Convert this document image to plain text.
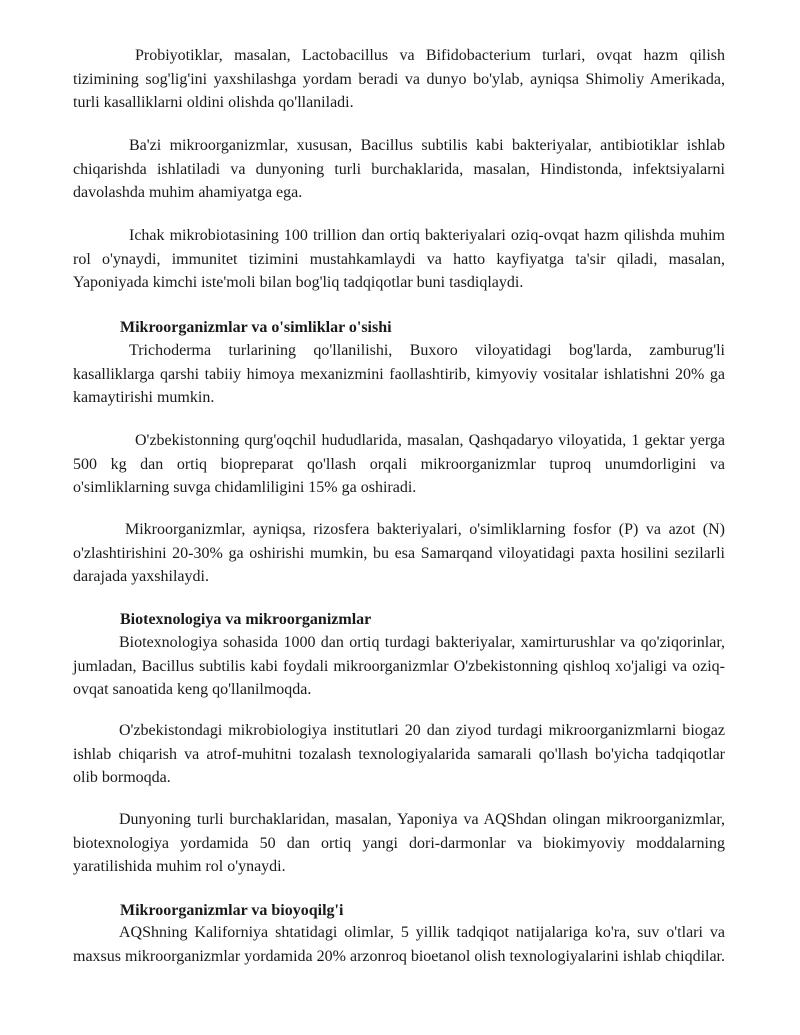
Probiyotiklar, masalan, Lactobacillus va Bifidobacterium turlari, ovqat hazm qilish tizimining sog'lig'ini yaxshilashga yordam beradi va dunyo bo'ylab, ayniqsa Shimoliy Amerikada, turli kasalliklarni oldini olishda qo'llaniladi.

Ba'zi mikroorganizmlar, xususan, Bacillus subtilis kabi bakteriyalar, antibiotiklar ishlab chiqarishda ishlatiladi va dunyoning turli burchaklarida, masalan, Hindistonda, infektsiyalarni davolashda muhim ahamiyatga ega.

Ichak mikrobiotasining 100 trillion dan ortiq bakteriyalari oziq-ovqat hazm qilishda muhim rol o'ynaydi, immunitet tizimini mustahkamlaydi va hatto kayfiyatga ta'sir qiladi, masalan, Yaponiyada kimchi iste'moli bilan bog'liq tadqiqotlar buni tasdiqlaydi.

Mikroorganizmlar va o'simliklar o'sishi

Trichoderma turlarining qo'llanilishi, Buxoro viloyatidagi bog'larda, zamburug'li kasalliklarga qarshi tabiiy himoya mexanizmini faollashtirib, kimyoviy vositalar ishlatishni 20% ga kamaytirishi mumkin.

O'zbekistonning qurg'oqchil hududlarida, masalan, Qashqadaryo viloyatida, 1 gektar yerga 500 kg dan ortiq biopreparat qo'llash orqali mikroorganizmlar tuproq unumdorligini va o'simliklarning suvga chidamliligini 15% ga oshiradi.

Mikroorganizmlar, ayniqsa, rizosfera bakteriyalari, o'simliklarning fosfor (P) va azot (N) o'zlashtirishini 20-30% ga oshirishi mumkin, bu esa Samarqand viloyatidagi paxta hosilini sezilarli darajada yaxshilaydi.

Biotexnologiya va mikroorganizmlar

Biotexnologiya sohasida 1000 dan ortiq turdagi bakteriyalar, xamirturushlar va qo'ziqorinlar, jumladan, Bacillus subtilis kabi foydali mikroorganizmlar O'zbekistonning qishloq xo'jaligi va oziq-ovqat sanoatida keng qo'llanilmoqda.

O'zbekistondagi mikrobiologiya institutlari 20 dan ziyod turdagi mikroorganizmlarni biogaz ishlab chiqarish va atrof-muhitni tozalash texnologiyalarida samarali qo'llash bo'yicha tadqiqotlar olib bormoqda.

Dunyoning turli burchaklaridan, masalan, Yaponiya va AQShdan olingan mikroorganizmlar, biotexnologiya yordamida 50 dan ortiq yangi dori-darmonlar va biokimyoviy moddalarning yaratilishida muhim rol o'ynaydi.

Mikroorganizmlar va bioyoqilg'i

AQShning Kaliforniya shtatidagi olimlar, 5 yillik tadqiqot natijalariga ko'ra, suv o'tlari va maxsus mikroorganizmlar yordamida 20% arzonroq bioetanol olish texnologiyalarini ishlab chiqdilar.
